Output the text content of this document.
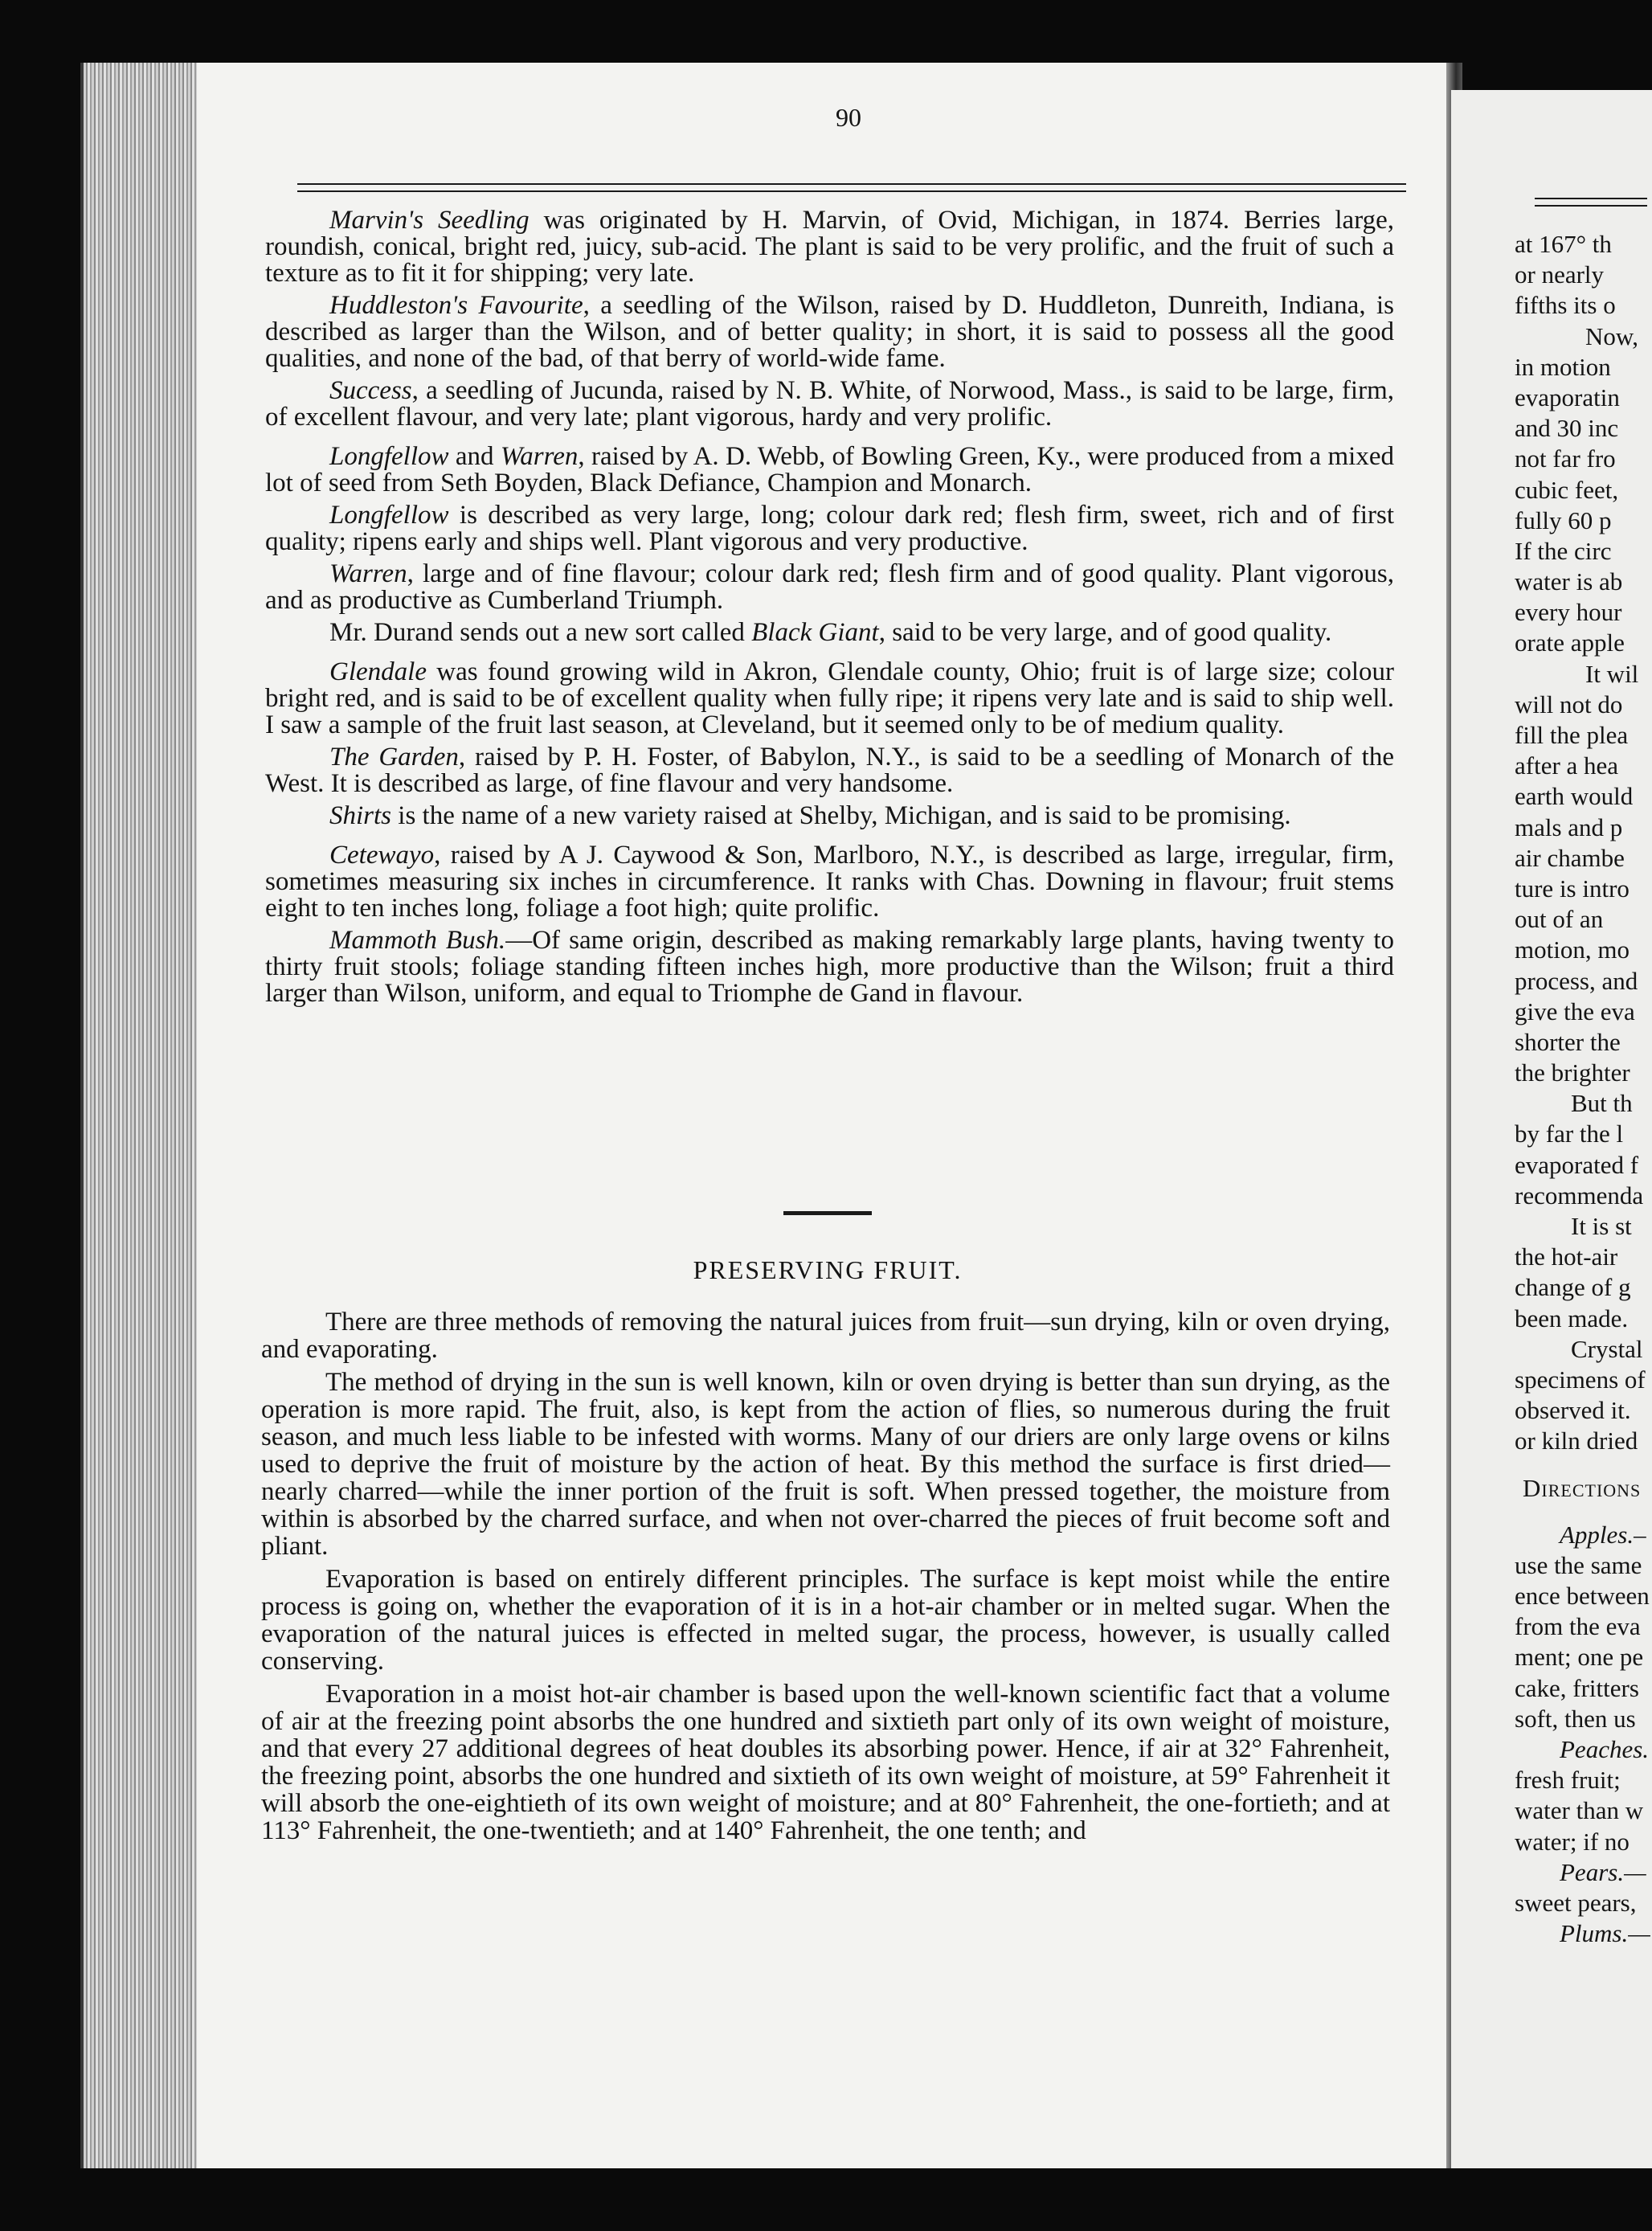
90

Marvin's Seedling was originated by H. Marvin, of Ovid, Michigan, in 1874. Berries large, roundish, conical, bright red, juicy, sub-acid. The plant is said to be very prolific, and the fruit of such a texture as to fit it for shipping; very late.

Huddleston's Favourite, a seedling of the Wilson, raised by D. Huddleton, Dunreith, Indiana, is described as larger than the Wilson, and of better quality; in short, it is said to possess all the good qualities, and none of the bad, of that berry of world-wide fame.

Success, a seedling of Jucunda, raised by N. B. White, of Norwood, Mass., is said to be large, firm, of excellent flavour, and very late; plant vigorous, hardy and very prolific.

Longfellow and Warren, raised by A. D. Webb, of Bowling Green, Ky., were produced from a mixed lot of seed from Seth Boyden, Black Defiance, Champion and Monarch.

Longfellow is described as very large, long; colour dark red; flesh firm, sweet, rich and of first quality; ripens early and ships well. Plant vigorous and very productive.

Warren, large and of fine flavour; colour dark red; flesh firm and of good quality. Plant vigorous, and as productive as Cumberland Triumph.

Mr. Durand sends out a new sort called Black Giant, said to be very large, and of good quality.

Glendale was found growing wild in Akron, Glendale county, Ohio; fruit is of large size; colour bright red, and is said to be of excellent quality when fully ripe; it ripens very late and is said to ship well. I saw a sample of the fruit last season, at Cleveland, but it seemed only to be of medium quality.

The Garden, raised by P. H. Foster, of Babylon, N.Y., is said to be a seedling of Monarch of the West. It is described as large, of fine flavour and very handsome.

Shirts is the name of a new variety raised at Shelby, Michigan, and is said to be promising.

Cetewayo, raised by A J. Caywood & Son, Marlboro, N.Y., is described as large, irregular, firm, sometimes measuring six inches in circumference. It ranks with Chas. Downing in flavour; fruit stems eight to ten inches long, foliage a foot high; quite prolific.

Mammoth Bush.—Of same origin, described as making remarkably large plants, having twenty to thirty fruit stools; foliage standing fifteen inches high, more productive than the Wilson; fruit a third larger than Wilson, uniform, and equal to Triomphe de Gand in flavour.

PRESERVING FRUIT.

There are three methods of removing the natural juices from fruit—sun drying, kiln or oven drying, and evaporating.

The method of drying in the sun is well known, kiln or oven drying is better than sun drying, as the operation is more rapid. The fruit, also, is kept from the action of flies, so numerous during the fruit season, and much less liable to be infested with worms. Many of our driers are only large ovens or kilns used to deprive the fruit of moisture by the action of heat. By this method the surface is first dried—nearly charred—while the inner portion of the fruit is soft. When pressed together, the moisture from within is absorbed by the charred surface, and when not over-charred the pieces of fruit become soft and pliant.

Evaporation is based on entirely different principles. The surface is kept moist while the entire process is going on, whether the evaporation of it is in a hot-air chamber or in melted sugar. When the evaporation of the natural juices is effected in melted sugar, the process, however, is usually called conserving.

Evaporation in a moist hot-air chamber is based upon the well-known scientific fact that a volume of air at the freezing point absorbs the one hundred and sixtieth part only of its own weight of moisture, and that every 27 additional degrees of heat doubles its absorbing power. Hence, if air at 32° Fahrenheit, the freezing point, absorbs the one hundred and sixtieth of its own weight of moisture, at 59° Fahrenheit it will absorb the one-eightieth of its own weight of moisture; and at 80° Fahrenheit, the one-fortieth; and at 113° Fahrenheit, the one-twentieth; and at 140° Fahrenheit, the one tenth; and

at 167° th
or nearly
fifths its o
Now,
in motion
evaporatin
and 30 inc
not far fro
cubic feet,
fully 60 p
If the circ
water is ab
every hour
orate apple
It wil
will not do
fill the plea
after a hea
earth would
mals and p
air chambe
ture is intro
out of an
motion, mo
process, and
give the eva
shorter the
the brighter
But th
by far the l
evaporated f
recommenda
It is st
the hot-air
change of g
been made.
Crystal
specimens of
observed it.
or kiln dried
Directions
Apples.–
use the same
ence between
from the eva
ment; one pe
cake, fritters
soft, then us
Peaches.
fresh fruit;
water than w
water; if no
Pears.—
sweet pears,
Plums.—
